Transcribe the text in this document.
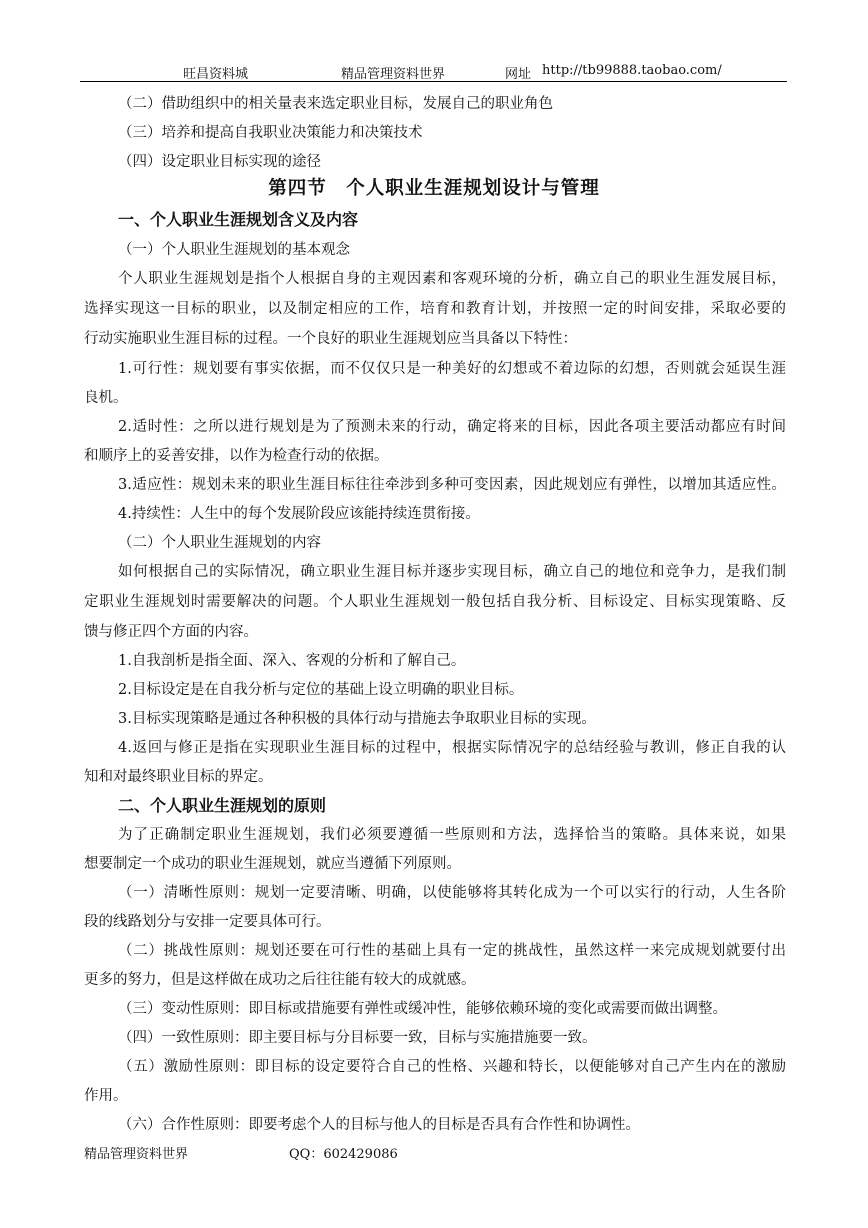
旺昌资料城	精品管理资料世界	网址 http://tb99888.taobao.com/
（二）借助组织中的相关量表来选定职业目标，发展自己的职业角色
（三）培养和提高自我职业决策能力和决策技术
（四）设定职业目标实现的途径
第四节　个人职业生涯规划设计与管理
一、个人职业生涯规划含义及内容
（一）个人职业生涯规划的基本观念
个人职业生涯规划是指个人根据自身的主观因素和客观环境的分析，确立自己的职业生涯发展目标，
选择实现这一目标的职业，以及制定相应的工作，培育和教育计划，并按照一定的时间安排，采取必要的
行动实施职业生涯目标的过程。一个良好的职业生涯规划应当具备以下特性：
1.可行性：规划要有事实依据，而不仅仅只是一种美好的幻想或不着边际的幻想，否则就会延误生涯
良机。
2.适时性：之所以进行规划是为了预测未来的行动，确定将来的目标，因此各项主要活动都应有时间
和顺序上的妥善安排，以作为检查行动的依据。
3.适应性：规划未来的职业生涯目标往往牵涉到多种可变因素，因此规划应有弹性，以增加其适应性。
4.持续性：人生中的每个发展阶段应该能持续连贯衔接。
（二）个人职业生涯规划的内容
如何根据自己的实际情况，确立职业生涯目标并逐步实现目标，确立自己的地位和竞争力，是我们制
定职业生涯规划时需要解决的问题。个人职业生涯规划一般包括自我分析、目标设定、目标实现策略、反
馈与修正四个方面的内容。
1.自我剖析是指全面、深入、客观的分析和了解自己。
2.目标设定是在自我分析与定位的基础上设立明确的职业目标。
3.目标实现策略是通过各种积极的具体行动与措施去争取职业目标的实现。
4.返回与修正是指在实现职业生涯目标的过程中，根据实际情况字的总结经验与教训，修正自我的认
知和对最终职业目标的界定。
二、个人职业生涯规划的原则
为了正确制定职业生涯规划，我们必须要遵循一些原则和方法，选择恰当的策略。具体来说，如果
想要制定一个成功的职业生涯规划，就应当遵循下列原则。
（一）清晰性原则：规划一定要清晰、明确，以使能够将其转化成为一个可以实行的行动，人生各阶
段的线路划分与安排一定要具体可行。
（二）挑战性原则：规划还要在可行性的基础上具有一定的挑战性，虽然这样一来完成规划就要付出
更多的努力，但是这样做在成功之后往往能有较大的成就感。
（三）变动性原则：即目标或措施要有弹性或缓冲性，能够依赖环境的变化或需要而做出调整。
（四）一致性原则：即主要目标与分目标要一致，目标与实施措施要一致。
（五）激励性原则：即目标的设定要符合自己的性格、兴趣和特长，以便能够对自己产生内在的激励
作用。
（六）合作性原则：即要考虑个人的目标与他人的目标是否具有合作性和协调性。
精品管理资料世界	QQ：602429086
